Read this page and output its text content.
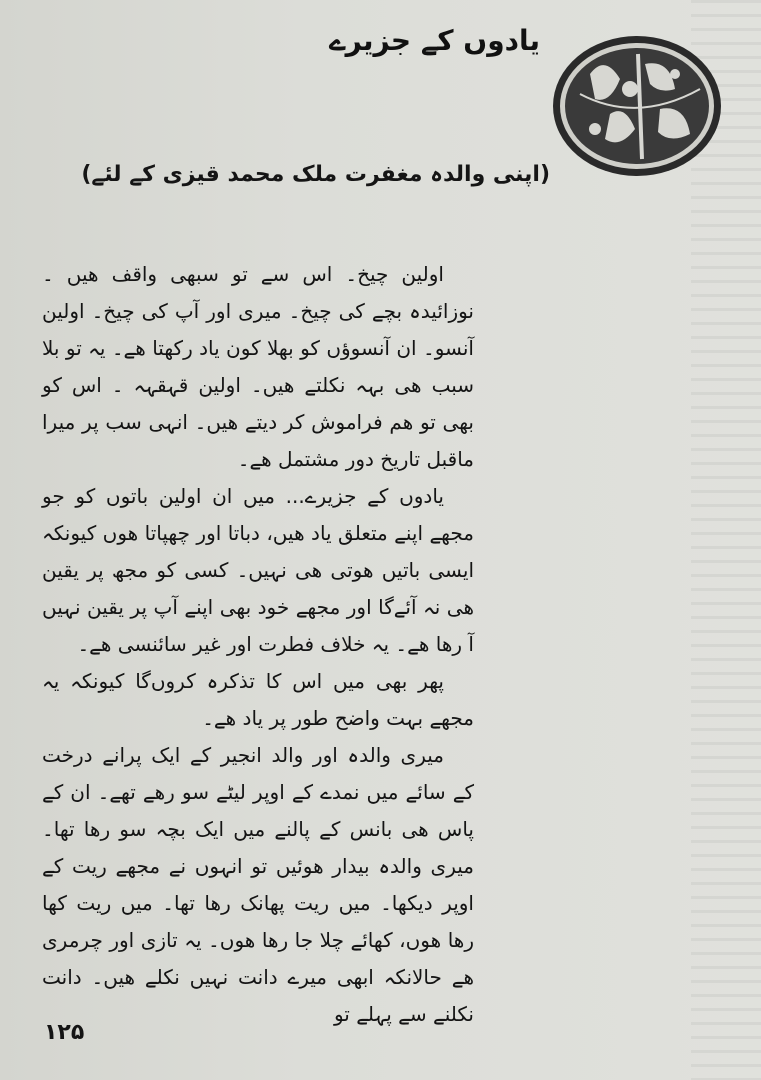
یادوں کے جزیرے
(اپنی والدہ مغفرت ملک محمد قیزی کے لئے)

اولین چیخ۔ اس سے تو سبھی واقف ھیں ۔ نوزائیدہ بچے کی چیخ۔ میری اور آپ کی چیخ۔ اولین آنسو۔ ان آنسوؤں کو بھلا کون یاد رکھتا ھے۔ یہ تو بلا سبب ھی بہہ نکلتے ھیں۔ اولین قہقہہ ۔ اس کو بھی تو ھم فراموش کر دیتے ھیں۔ انہی سب پر میرا ماقبل تاریخ دور مشتمل ھے۔

یادوں کے جزیرے... میں ان اولین باتوں کو جو مجھے اپنے متعلق یاد ھیں، دباتا اور چھپاتا ھوں کیونکہ ایسی باتیں ھوتی ھی نہیں۔ کسی کو مجھ پر یقین ھی نہ آئےگا اور مجھے خود بھی اپنے آپ پر یقین نہیں آ رھا ھے۔ یہ خلاف فطرت اور غیر سائنسی ھے۔

پھر بھی میں اس کا تذکرہ کروں‌گا کیونکہ یہ مجھے بہت واضح طور پر یاد ھے۔

میری والدہ اور والد انجیر کے ایک پرانے درخت کے سائے میں نمدے کے اوپر لیٹے سو رھے تھے۔ ان کے پاس ھی بانس کے پالنے میں ایک بچہ سو رھا تھا۔ میری والدہ بیدار ھوئیں تو انہوں نے مجھے ریت کے اوپر دیکھا۔ میں ریت پھانک رھا تھا۔ میں ریت کھا رھا ھوں، کھائے چلا جا رھا ھوں۔ یہ تازی اور چرمری ھے حالانکہ ابھی میرے دانت نہیں نکلے ھیں۔ دانت نکلنے سے پہلے تو

۱۲۵
